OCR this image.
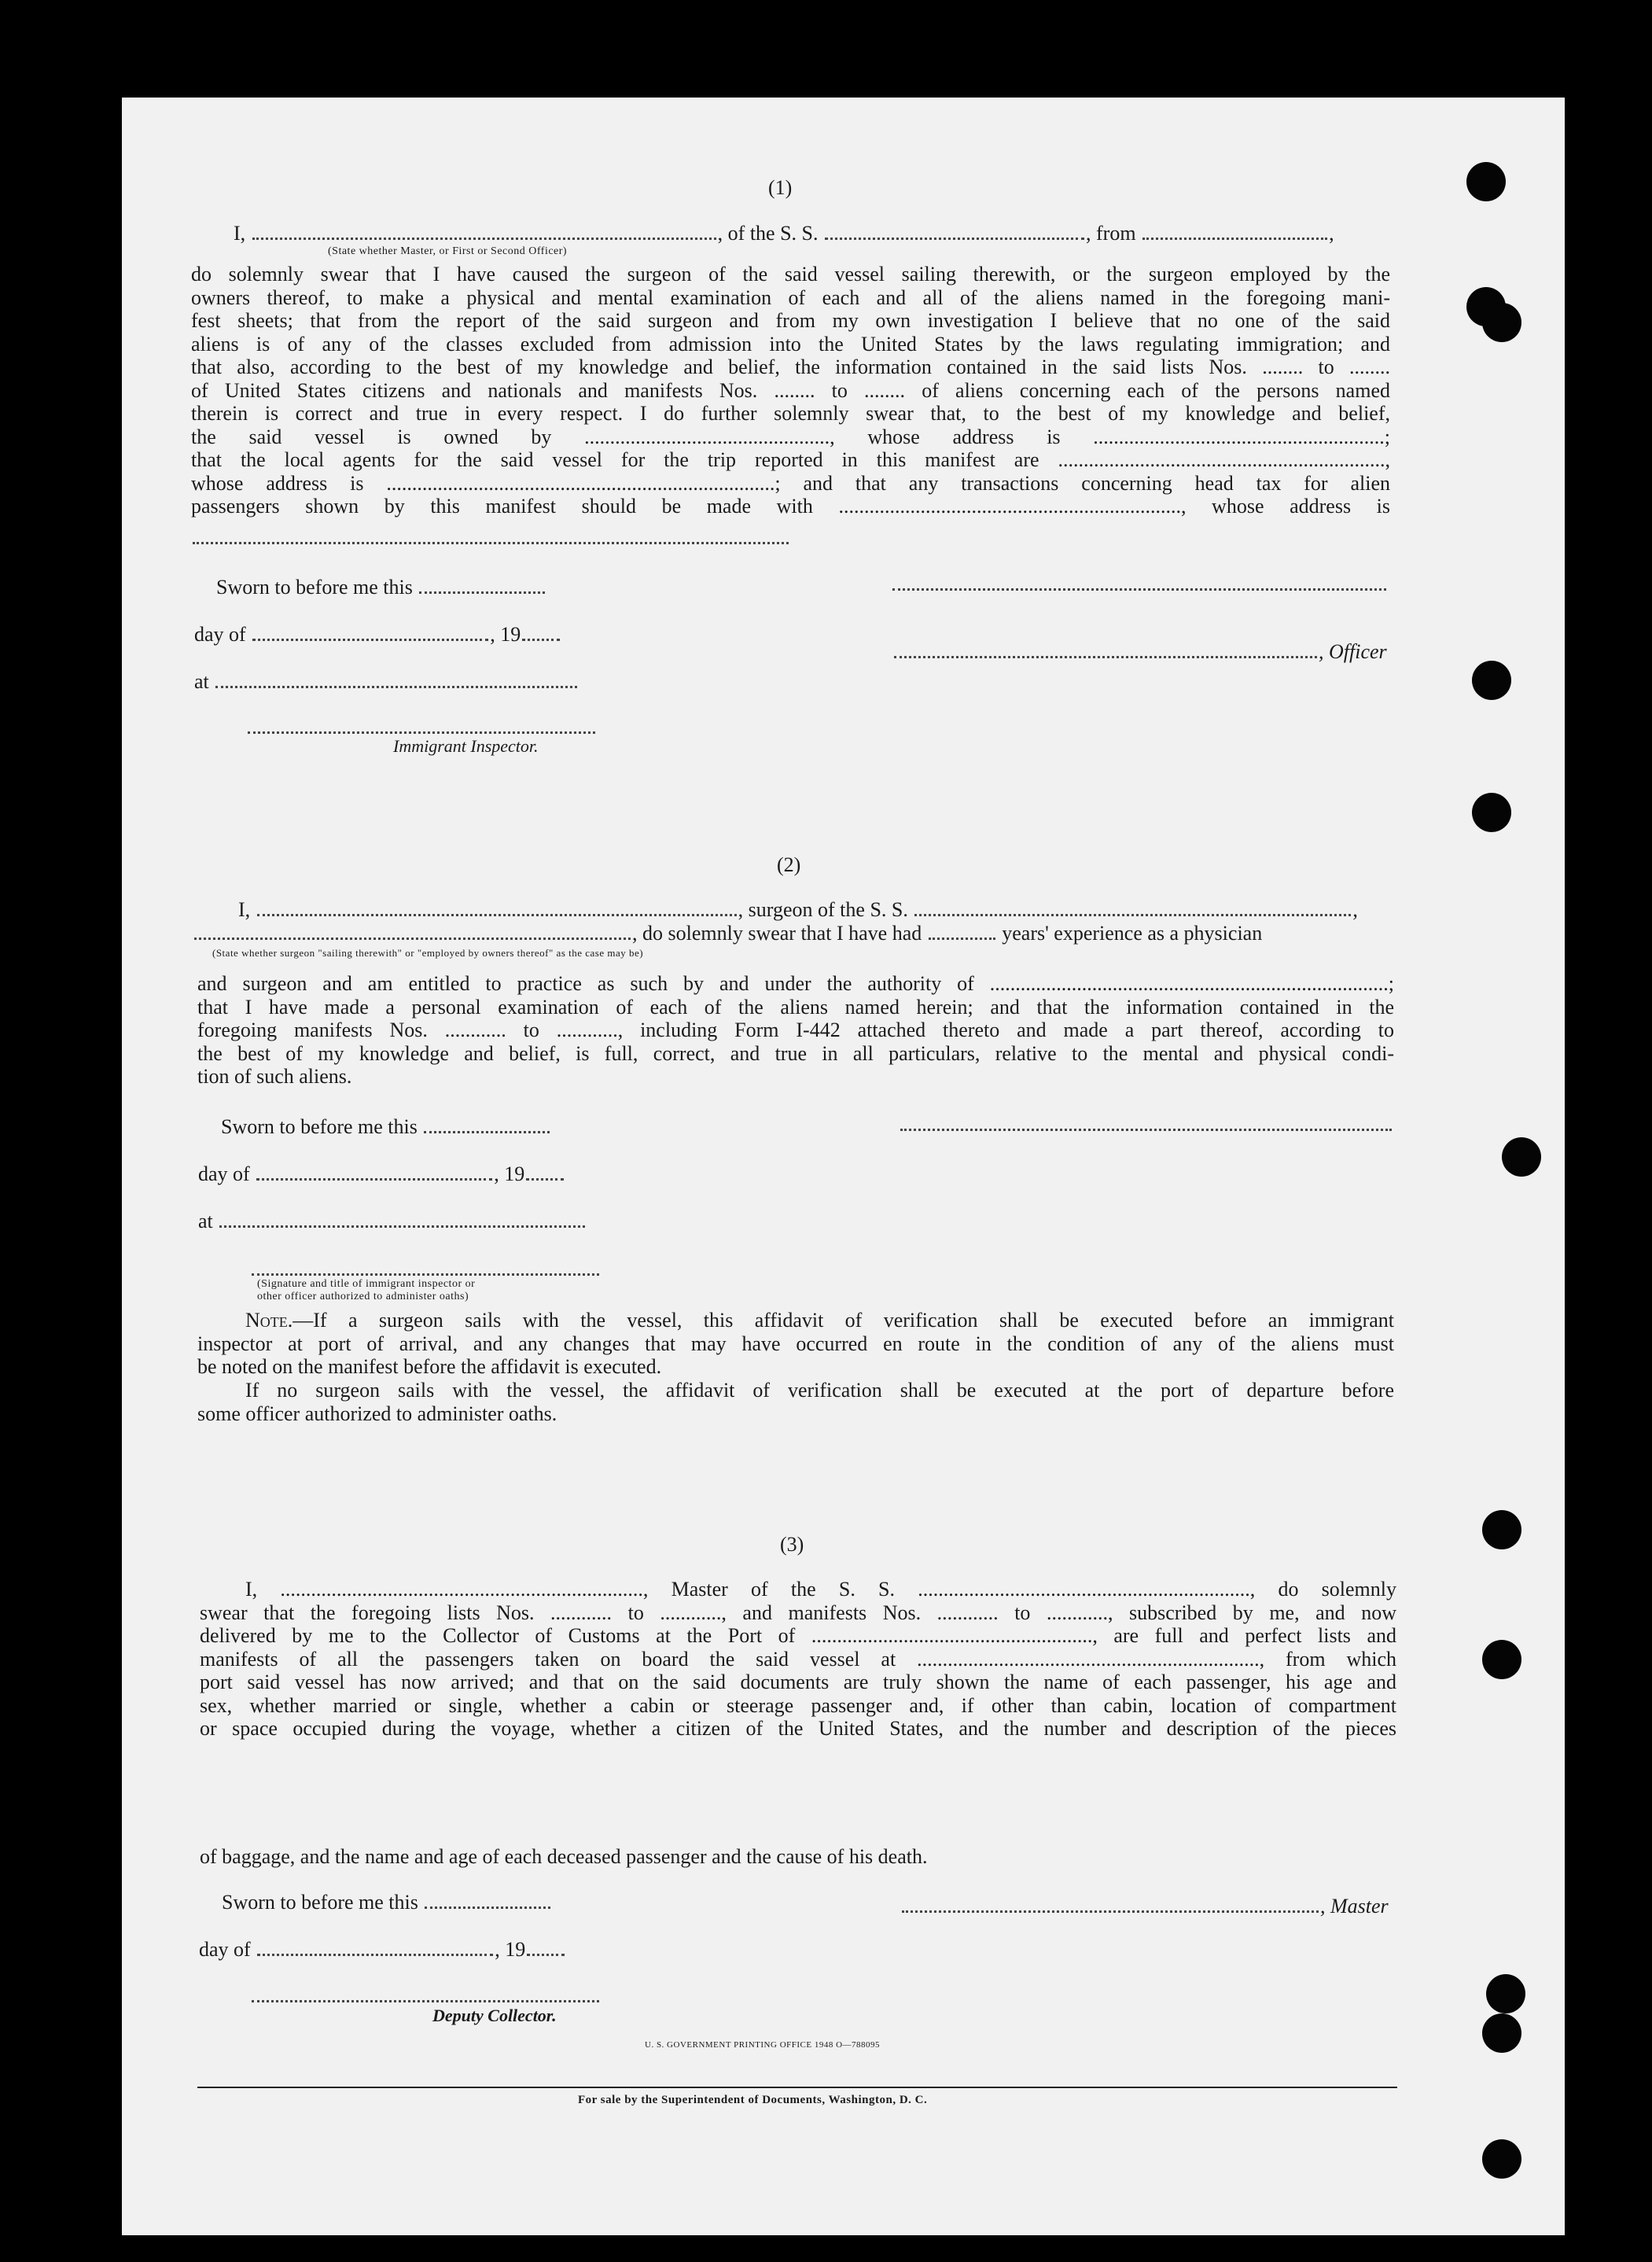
(1)
I,	, of the S. S.	, from	,
(State whether Master, or First or Second Officer)
do solemnly swear that I have caused the surgeon of the said vessel sailing therewith, or the surgeon employed by the
owners thereof, to make a physical and mental examination of each and all of the aliens named in the foregoing mani-
fest sheets; that from the report of the said surgeon and from my own investigation I believe that no one of the said
aliens is of any of the classes excluded from admission into the United States by the laws regulating immigration; and
that also, according to the best of my knowledge and belief, the information contained in the said lists Nos. ........ to ........
of United States citizens and nationals and manifests Nos. ........ to ........ of aliens concerning each of the persons named
therein is correct and true in every respect. I do further solemnly swear that, to the best of my knowledge and belief,
the said vessel is owned by ................................................, whose address is .........................................................;
that the local agents for the said vessel for the trip reported in this manifest are ................................................................,
whose address is ............................................................................; and that any transactions concerning head tax for alien
passengers shown by this manifest should be made with ..................................................................., whose address is
Sworn to before me this
day of	, 19
at
Immigrant Inspector.
, Officer
(2)
I,	, surgeon of the S. S.	,
, do solemnly swear that I have had	years' experience as a physician
(State whether surgeon "sailing therewith" or "employed by owners thereof" as the case may be)
and surgeon and am entitled to practice as such by and under the authority of ..............................................................................;
that I have made a personal examination of each of the aliens named herein; and that the information contained in the
foregoing manifests Nos. ............ to ............, including Form I-442 attached thereto and made a part thereof, according to
the best of my knowledge and belief, is full, correct, and true in all particulars, relative to the mental and physical condi-
tion of such aliens.
Sworn to before me this
day of	, 19
at
(Signature and title of immigrant inspector or
other officer authorized to administer oaths)
Note.—If a surgeon sails with the vessel, this affidavit of verification shall be executed before an immigrant
inspector at port of arrival, and any changes that may have occurred en route in the condition of any of the aliens must
be noted on the manifest before the affidavit is executed.
If no surgeon sails with the vessel, the affidavit of verification shall be executed at the port of departure before
some officer authorized to administer oaths.
(3)
I, ......................................................................., Master of the S. S. ................................................................., do solemnly
swear that the foregoing lists Nos. ............ to ............, and manifests Nos. ............ to ............, subscribed by me, and now
delivered by me to the Collector of Customs at the Port of ......................................................., are full and perfect lists and
manifests of all the passengers taken on board the said vessel at ..................................................................., from which
port said vessel has now arrived; and that on the said documents are truly shown the name of each passenger, his age and
sex, whether married or single, whether a cabin or steerage passenger and, if other than cabin, location of compartment
or space occupied during the voyage, whether a citizen of the United States, and the number and description of the pieces
of baggage, and the name and age of each deceased passenger and the cause of his death.
Sworn to before me this
day of	, 19
Deputy Collector.
, Master
U. S. GOVERNMENT PRINTING OFFICE 1948 O—788095
For sale by the Superintendent of Documents, Washington, D. C.
